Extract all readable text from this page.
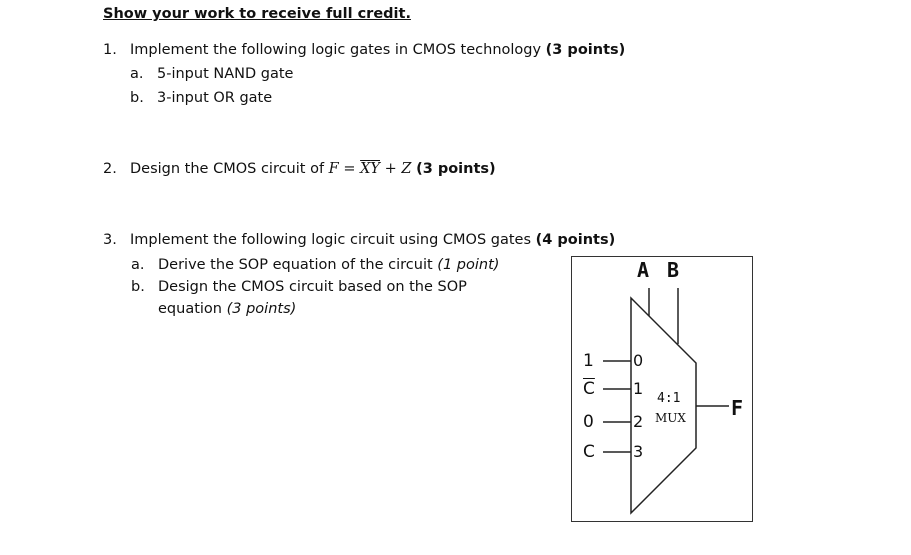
Show your work to receive full credit.
1. Implement the following logic gates in CMOS technology (3 points)
a. 5-input NAND gate
b. 3-input OR gate
2. Design the CMOS circuit of $F = \overline{X}\overline{Y} + Z$ (3 points)
3. Implement the following logic circuit using CMOS gates (4 points)
a. Derive the SOP equation of the circuit (1 point)
b. Design the CMOS circuit based on the SOP
equation (3 points)
A B
1
$\overline{C}$
0
C
0
1
2
3
4:1
MUX F
